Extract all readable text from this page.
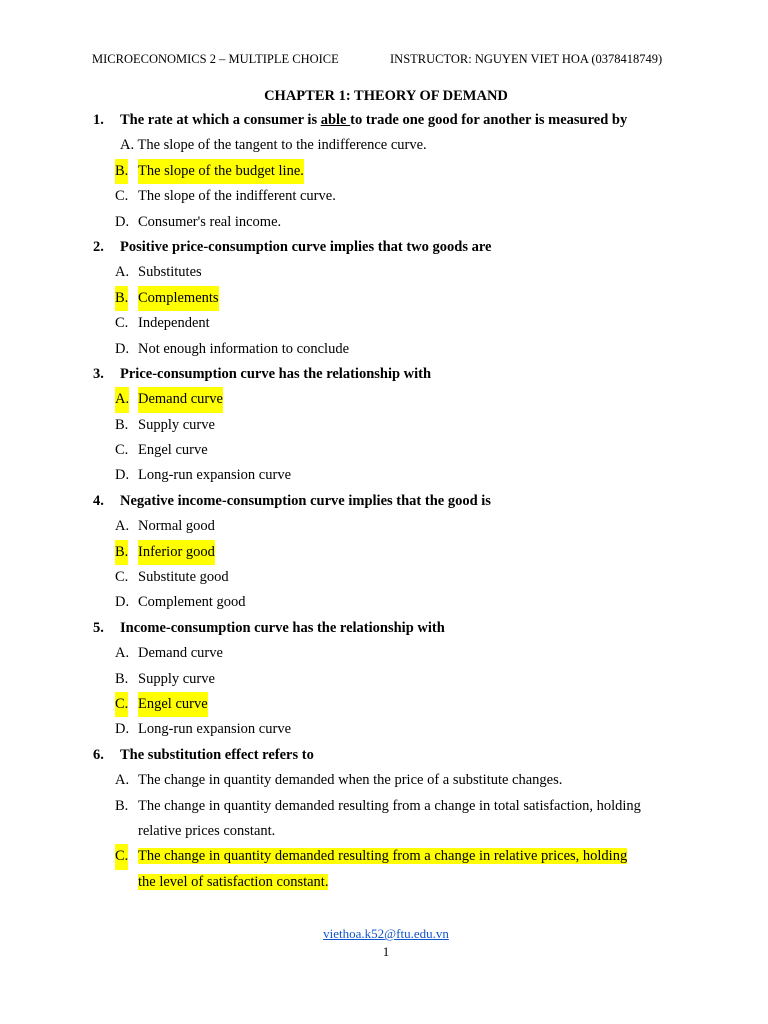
MICROECONOMICS 2 – MULTIPLE CHOICE	INSTRUCTOR: NGUYEN VIET HOA (0378418749)
CHAPTER 1: THEORY OF DEMAND
1. The rate at which a consumer is able to trade one good for another is measured by
A. The slope of the tangent to the indifference curve.
B. The slope of the budget line.
C. The slope of the indifferent curve.
D. Consumer's real income.
2. Positive price-consumption curve implies that two goods are
A. Substitutes
B. Complements
C. Independent
D. Not enough information to conclude
3. Price-consumption curve has the relationship with
A. Demand curve
B. Supply curve
C. Engel curve
D. Long-run expansion curve
4. Negative income-consumption curve implies that the good is
A. Normal good
B. Inferior good
C. Substitute good
D. Complement good
5. Income-consumption curve has the relationship with
A. Demand curve
B. Supply curve
C. Engel curve
D. Long-run expansion curve
6. The substitution effect refers to
A. The change in quantity demanded when the price of a substitute changes.
B. The change in quantity demanded resulting from a change in total satisfaction, holding
relative prices constant.
C. The change in quantity demanded resulting from a change in relative prices, holding
the level of satisfaction constant.
viethoa.k52@ftu.edu.vn
1
